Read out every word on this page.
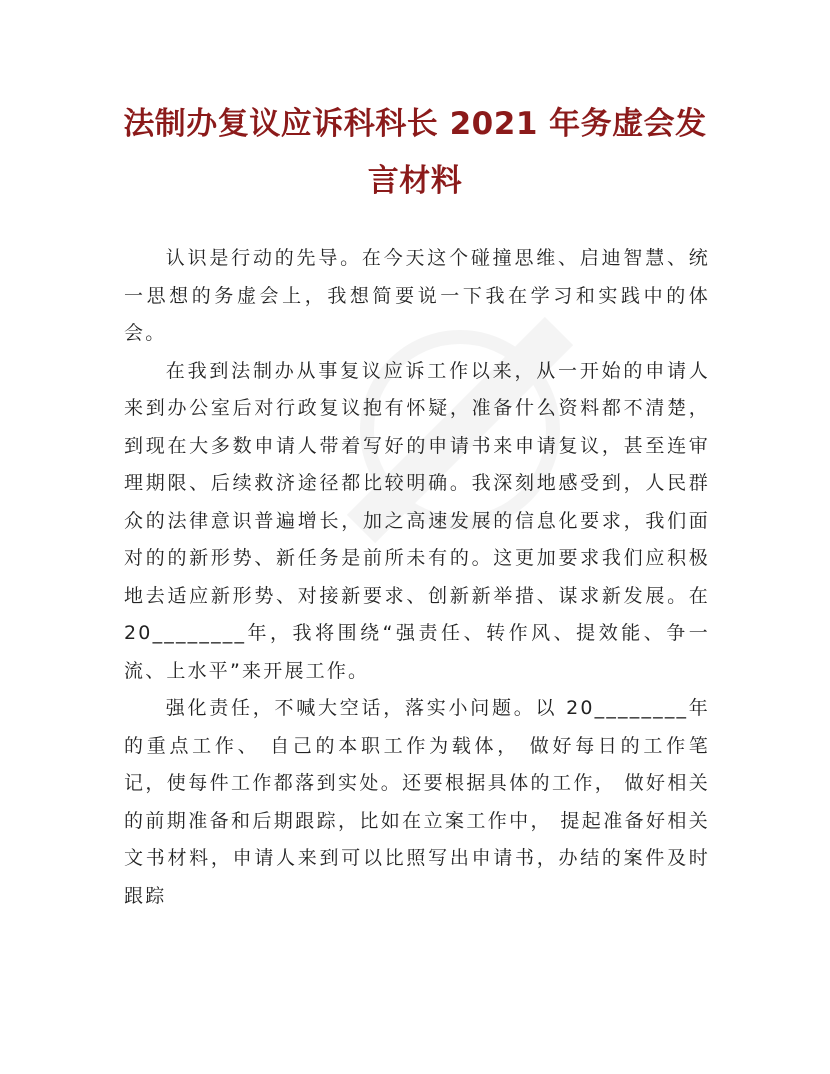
法制办复议应诉科科长 2021 年务虚会发言材料

认识是行动的先导。在今天这个碰撞思维、启迪智慧、统一思想的务虚会上，我想简要说一下我在学习和实践中的体会。

在我到法制办从事复议应诉工作以来，从一开始的申请人来到办公室后对行政复议抱有怀疑，准备什么资料都不清楚，到现在大多数申请人带着写好的申请书来申请复议，甚至连审理期限、后续救济途径都比较明确。我深刻地感受到，人民群众的法律意识普遍增长，加之高速发展的信息化要求，我们面对的的新形势、新任务是前所未有的。这更加要求我们应积极地去适应新形势、对接新要求、创新新举措、谋求新发展。在20________年，我将围绕“强责任、转作风、提效能、争一流、上水平”来开展工作。

强化责任，不喊大空话，落实小问题。以 20________年的重点工作、 自己的本职工作为载体， 做好每日的工作笔记，使每件工作都落到实处。还要根据具体的工作， 做好相关的前期准备和后期跟踪，比如在立案工作中， 提起准备好相关文书材料，申请人来到可以比照写出申请书，办结的案件及时跟踪
